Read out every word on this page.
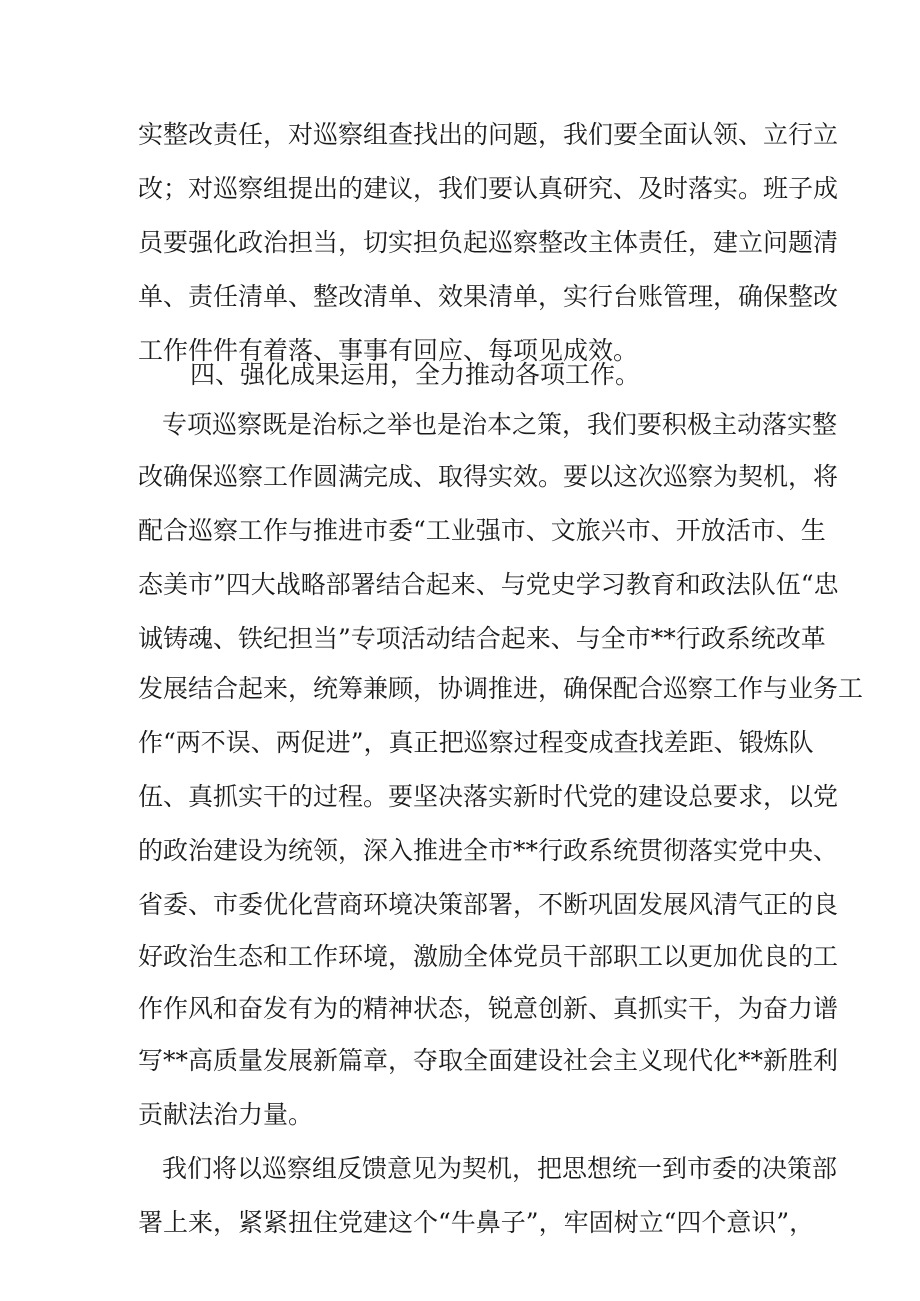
实整改责任，对巡察组查找出的问题，我们要全面认领、立行立
改；对巡察组提出的建议，我们要认真研究、及时落实。班子成
员要强化政治担当，切实担负起巡察整改主体责任，建立问题清
单、责任清单、整改清单、效果清单，实行台账管理，确保整改
工作件件有着落、事事有回应、每项见成效。
四、强化成果运用，全力推动各项工作。
专项巡察既是治标之举也是治本之策，我们要积极主动落实整
改确保巡察工作圆满完成、取得实效。要以这次巡察为契机，将
配合巡察工作与推进市委“工业强市、文旅兴市、开放活市、生
态美市”四大战略部署结合起来、与党史学习教育和政法队伍“忠
诚铸魂、铁纪担当”专项活动结合起来、与全市**行政系统改革
发展结合起来，统筹兼顾，协调推进，确保配合巡察工作与业务工
作“两不误、两促进”，真正把巡察过程变成查找差距、锻炼队
伍、真抓实干的过程。要坚决落实新时代党的建设总要求，以党
的政治建设为统领，深入推进全市**行政系统贯彻落实党中央、
省委、市委优化营商环境决策部署，不断巩固发展风清气正的良
好政治生态和工作环境，激励全体党员干部职工以更加优良的工
作作风和奋发有为的精神状态，锐意创新、真抓实干，为奋力谱
写**高质量发展新篇章，夺取全面建设社会主义现代化**新胜利
贡献法治力量。
我们将以巡察组反馈意见为契机，把思想统一到市委的决策部
署上来，紧紧扭住党建这个“牛鼻子”，牢固树立“四个意识”，
